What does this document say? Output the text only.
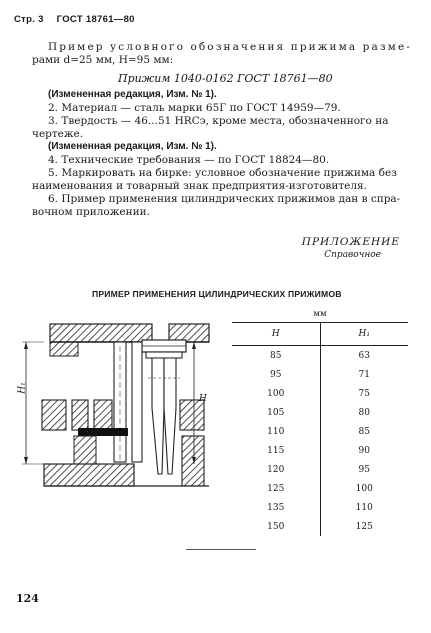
Стр. 3 ГОСТ 18761—80
Пример условного обозначения прижима разме-
рами d=25 мм, H=95 мм:
Прижим 1040-0162 ГОСТ 18761—80
(Измененная редакция, Изм. № 1).
2. Материал — сталь марки 65Г по ГОСТ 14959—79.
3. Твердость — 46...51 HRCэ, кроме места, обозначенного на
чертеже.
(Измененная редакция, Изм. № 1).
4. Технические требования — по ГОСТ 18824—80.
5. Маркировать на бирке: условное обозначение прижима без
наименования и товарный знак предприятия-изготовителя.
6. Пример применения цилиндрических прижимов дан в спра-
вочном приложении.
ПРИЛОЖЕНИЕ
Справочное
ПРИМЕР ПРИМЕНЕНИЯ ЦИЛИНДРИЧЕСКИХ ПРИЖИМОВ
H₁
H
мм
H	H₁
85	63
95	71
100	75
105	80
110	85
115	90
120	95
125	100
135	110
150	125
124
